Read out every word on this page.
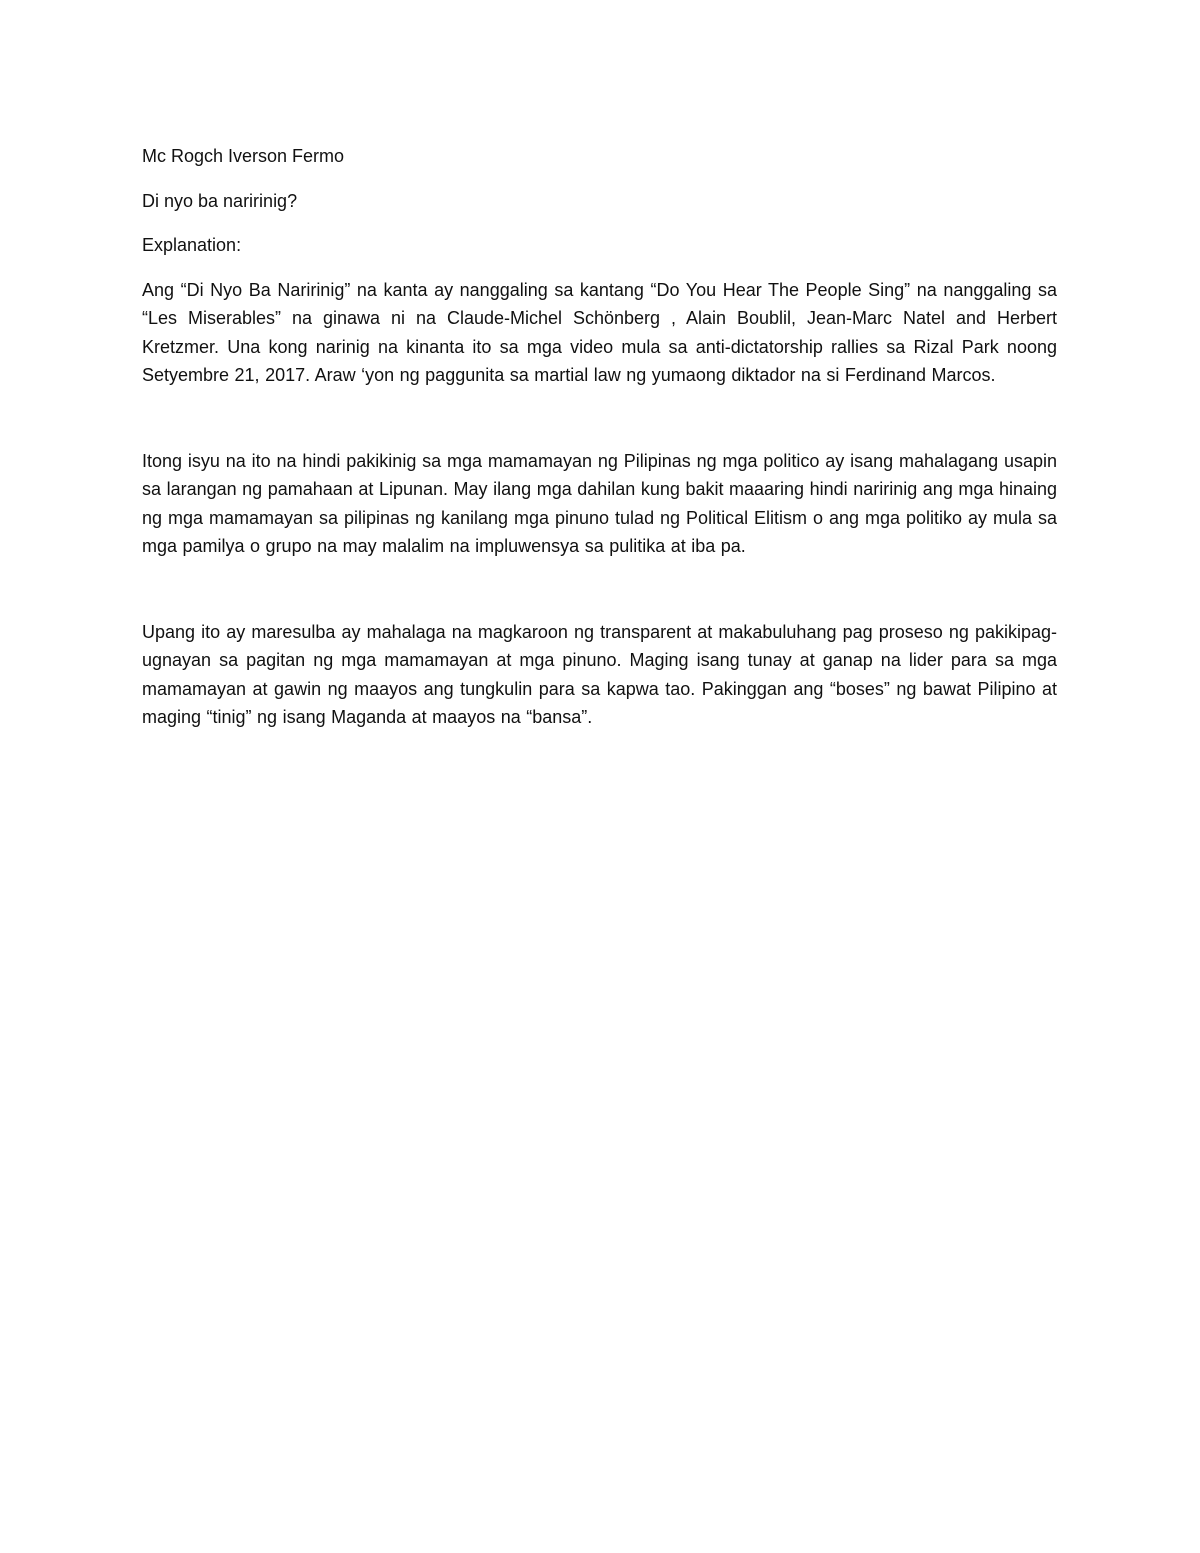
Mc Rogch Iverson Fermo

Di nyo ba naririnig?

Explanation:

Ang “Di Nyo Ba Naririnig” na kanta ay nanggaling sa kantang “Do You Hear The People Sing” na nanggaling sa “Les Miserables” na ginawa ni na Claude-Michel Schönberg , Alain Boublil, Jean-Marc Natel and Herbert Kretzmer. Una kong narinig na kinanta ito sa mga video mula sa anti-dictatorship rallies sa Rizal Park noong Setyembre 21, 2017. Araw ‘yon ng paggunita sa martial law ng yumaong diktador na si Ferdinand Marcos.

Itong isyu na ito na hindi pakikinig sa mga mamamayan ng Pilipinas ng mga politico ay isang mahalagang usapin sa larangan ng pamahaan at Lipunan. May ilang mga dahilan kung bakit maaaring hindi naririnig ang mga hinaing ng mga mamamayan sa pilipinas ng kanilang mga pinuno tulad ng Political Elitism o ang mga politiko ay mula sa mga pamilya o grupo na may malalim na impluwensya sa pulitika at iba pa.

Upang ito ay maresulba ay mahalaga na magkaroon ng transparent at makabuluhang pag proseso ng pakikipag-ugnayan sa pagitan ng mga mamamayan at mga pinuno. Maging isang tunay at ganap na lider para sa mga mamamayan at gawin ng maayos ang tungkulin para sa kapwa tao. Pakinggan ang “boses” ng bawat Pilipino at maging “tinig” ng isang Maganda at maayos na “bansa”.
